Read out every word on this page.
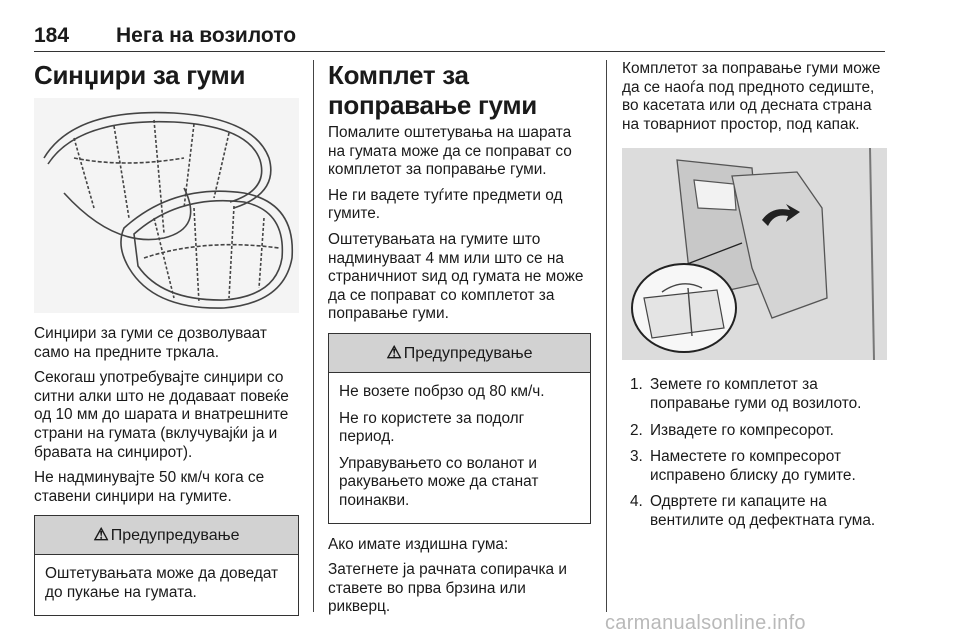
184 Нега на возилото
Синџири за гуми

Синџири за гуми се дозволуваат само на предните тркала.

Секогаш употребувајте синџири со ситни алки што не додаваат повеќе од 10 мм до шарата и внатрешните страни на гумата (вклучувајќи ја и бравата на синџирот).

Не надминувајте 50 км/ч кога се ставени синџири на гумите.

⚠ Предупредување

Оштетувањата може да доведат до пукање на гумата.

Комплет за поправање гуми

Помалите оштетувања на шарата на гумата може да се поправат со комплетот за поправање гуми.

Не ги вадете туѓите предмети од гумите.

Оштетувањата на гумите што надминуваат 4 мм или што се на страничниот ѕид од гумата не може да се поправат со комплетот за поправање гуми.

⚠ Предупредување

Не возете побрзо од 80 км/ч.

Не го користете за подолг период.

Управувањето со воланот и ракувањето може да станат поинакви.

Ако имате издишна гума:

Затегнете ја рачната сопирачка и ставете во прва брзина или рикверц.

Комплетот за поправање гуми може да се наоѓа под предното седиште, во касетата или од десната страна на товарниот простор, под капак.

1. Земете го комплетот за поправање гуми од возилото.
2. Извадете го компресорот.
3. Наместете го компресорот исправено блиску до гумите.
4. Одвртете ги капаците на вентилите од дефектната гума.
carmanualsonline.info
